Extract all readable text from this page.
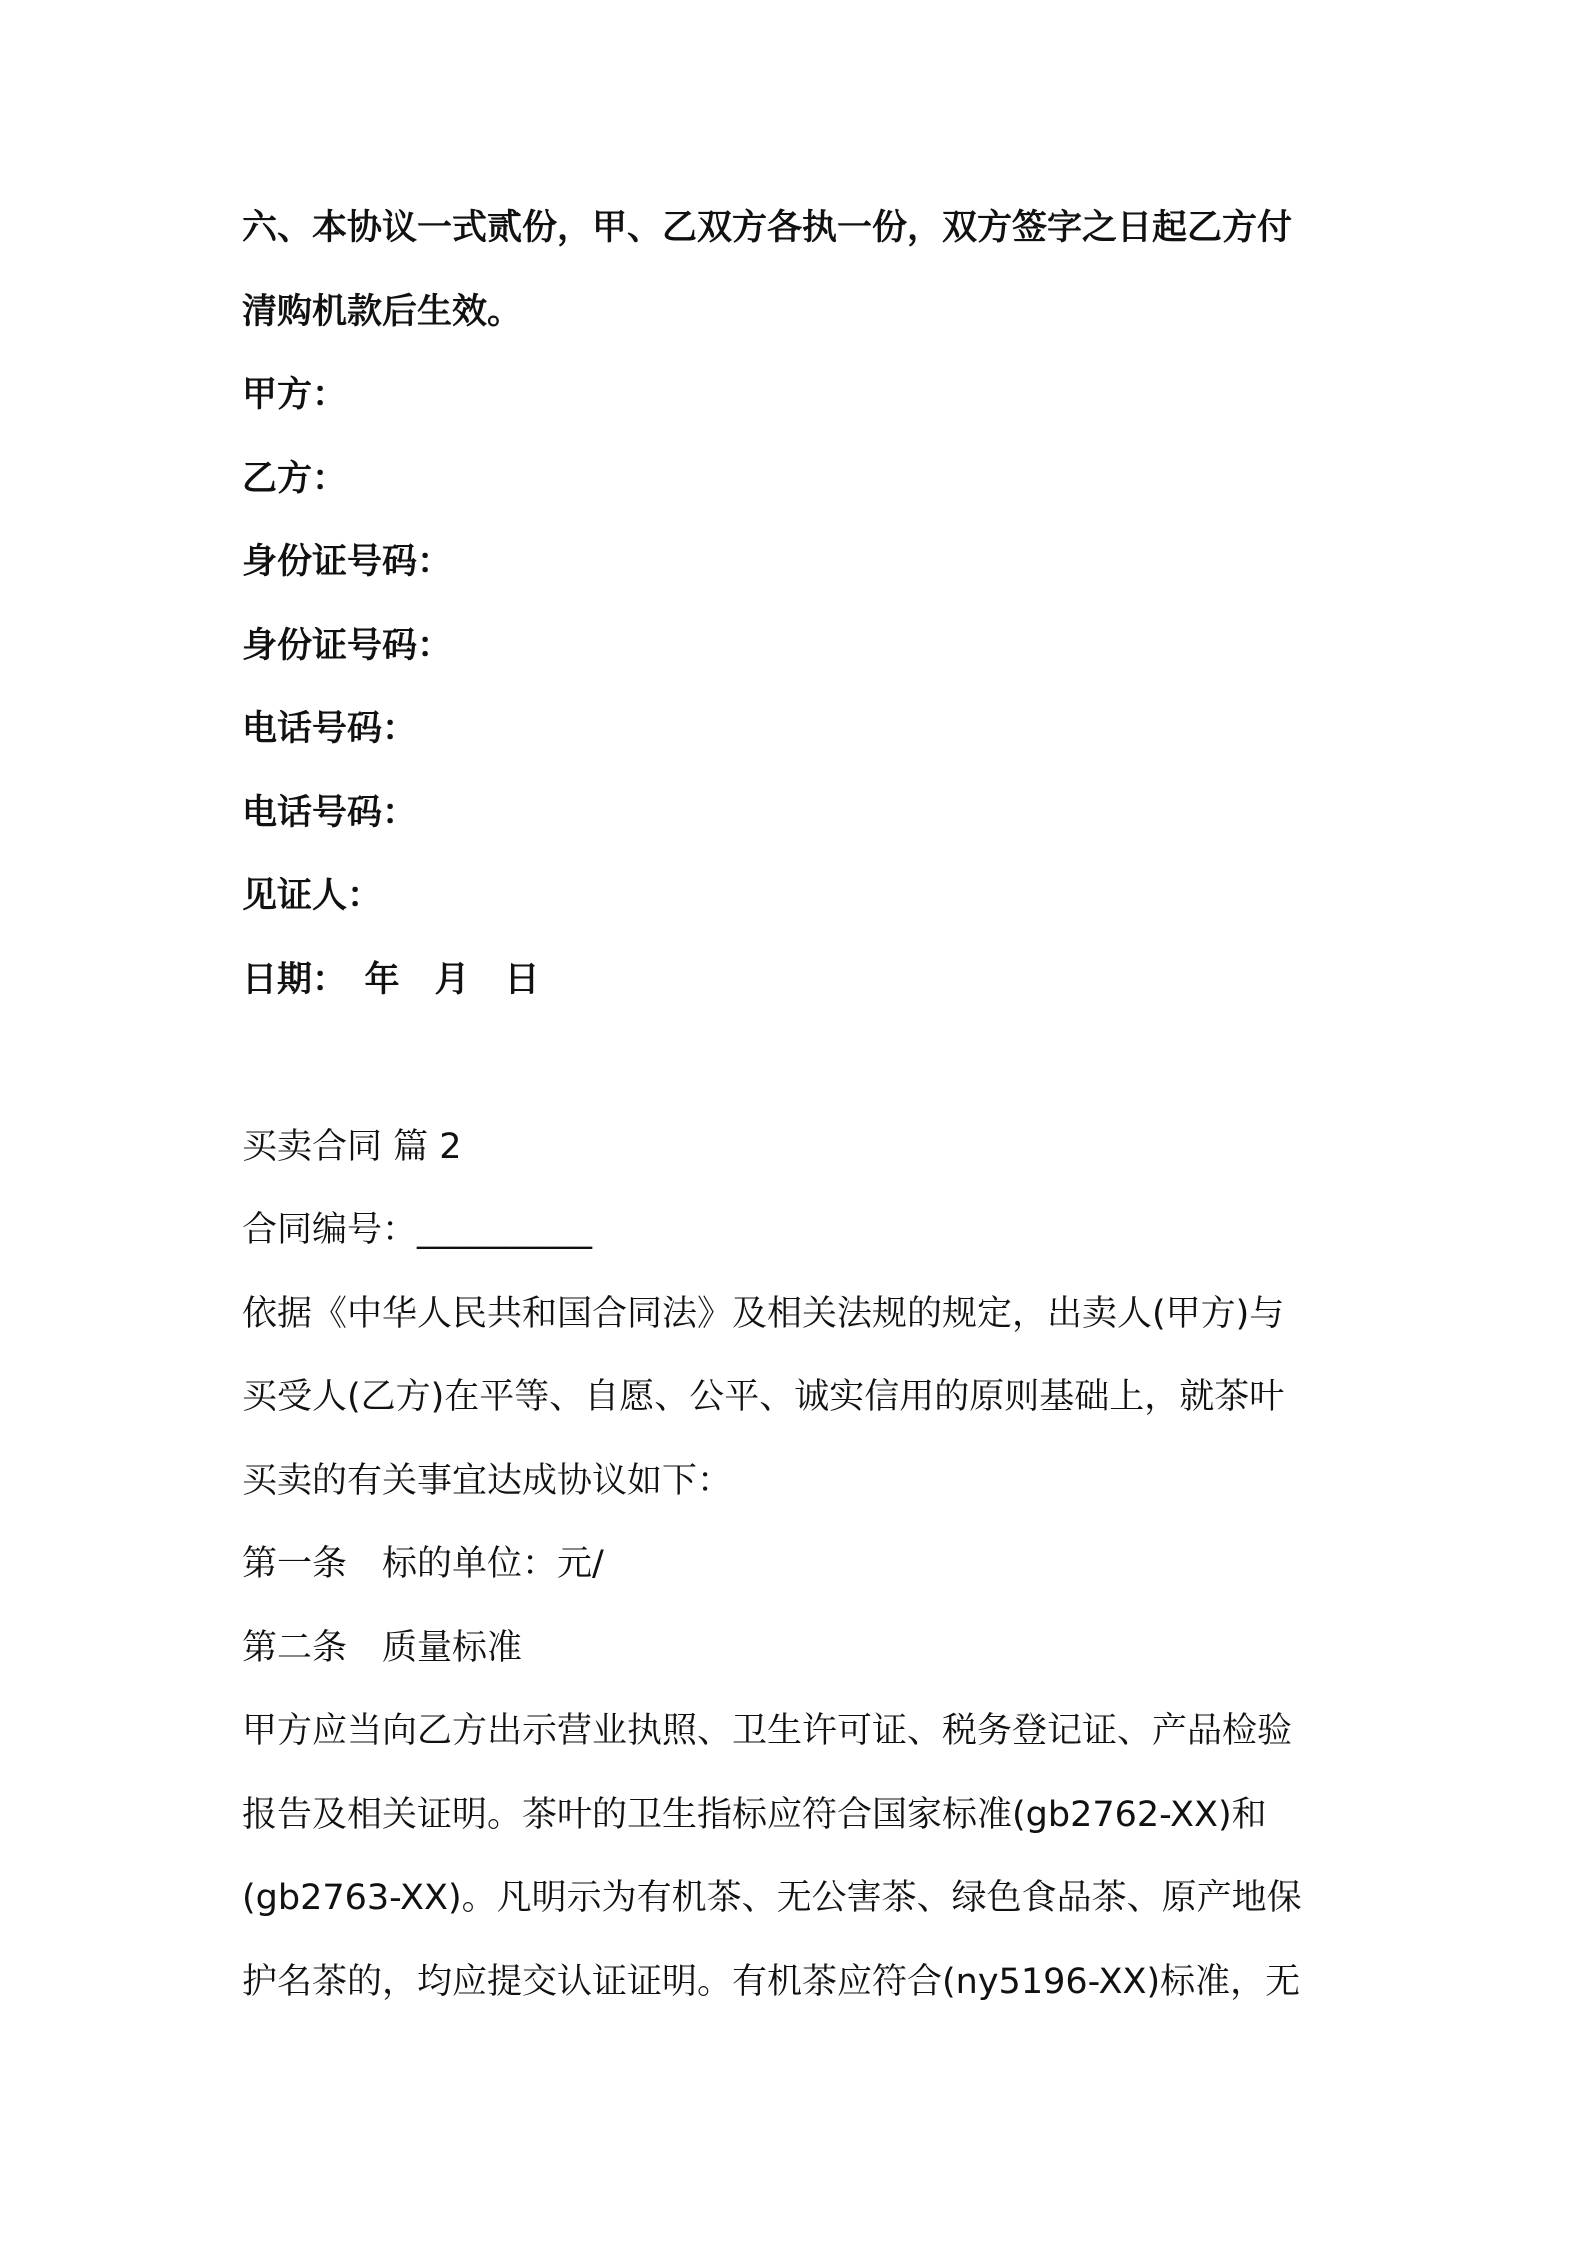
六、本协议一式贰份，甲、乙双方各执一份，双方签字之日起乙方付

清购机款后生效。

甲方：

乙方：

身份证号码：

身份证号码：

电话号码：

电话号码：

见证人：

日期：　年　月　日

买卖合同 篇 2

合同编号：__________

依据《中华人民共和国合同法》及相关法规的规定，出卖人(甲方)与

买受人(乙方)在平等、自愿、公平、诚实信用的原则基础上，就茶叶

买卖的有关事宜达成协议如下：

第一条　标的单位：元/

第二条　质量标准

甲方应当向乙方出示营业执照、卫生许可证、税务登记证、产品检验

报告及相关证明。茶叶的卫生指标应符合国家标准(gb2762-XX)和

(gb2763-XX)。凡明示为有机茶、无公害茶、绿色食品茶、原产地保

护名茶的，均应提交认证证明。有机茶应符合(ny5196-XX)标准，无
